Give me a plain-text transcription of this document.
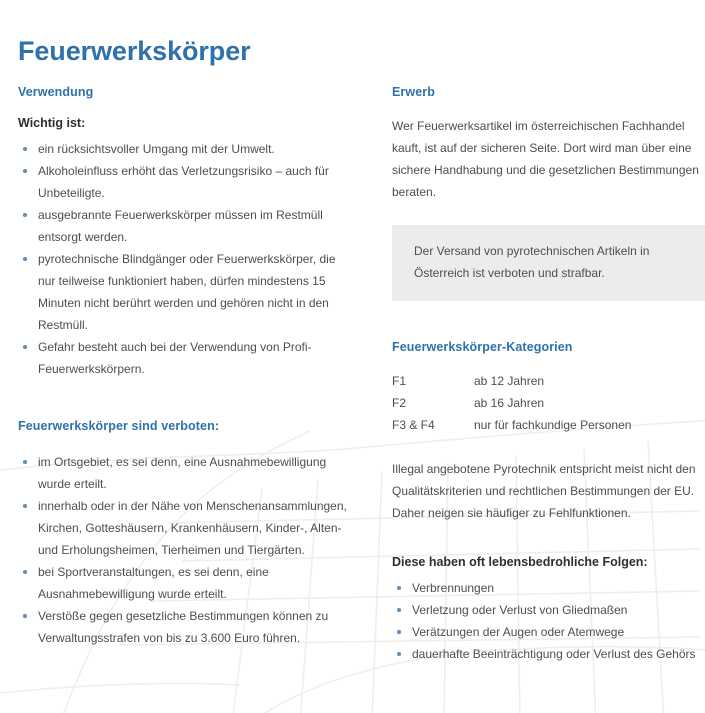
Feuerwerkskörper
Verwendung
Wichtig ist:
ein rücksichtsvoller Umgang mit der Umwelt.
Alkoholeinfluss erhöht das Verletzungsrisiko – auch für Unbeteiligte.
ausgebrannte Feuerwerkskörper müssen im Restmüll entsorgt werden.
pyrotechnische Blindgänger oder Feuerwerkskörper, die nur teilweise funktioniert haben, dürfen mindestens 15 Minuten nicht berührt werden und gehören nicht in den Restmüll.
Gefahr besteht auch bei der Verwendung von Profi-Feuerwerkskörpern.
Feuerwerkskörper sind verboten:
im Ortsgebiet, es sei denn, eine Ausnahmebewilligung wurde erteilt.
innerhalb oder in der Nähe von Menschenansammlungen, Kirchen, Gotteshäusern, Krankenhäusern, Kinder-, Alten- und Erholungsheimen, Tierheimen und Tiergärten.
bei Sportveranstaltungen, es sei denn, eine Ausnahmebewilligung wurde erteilt.
Verstöße gegen gesetzliche Bestimmungen können zu Verwaltungsstrafen von bis zu 3.600 Euro führen.
Erwerb

Wer Feuerwerksartikel im österreichischen Fachhandel kauft, ist auf der sicheren Seite. Dort wird man über eine sichere Handhabung und die gesetzlichen Bestimmungen beraten.

Der Versand von pyrotechnischen Artikeln in Österreich ist verboten und strafbar.

Feuerwerkskörper-Kategorien
F1	ab 12 Jahren
F2	ab 16 Jahren
F3 & F4	nur für fachkundige Personen

Illegal angebotene Pyrotechnik entspricht meist nicht den Qualitätskriterien und rechtlichen Bestimmungen der EU. Daher neigen sie häufiger zu Fehlfunktionen.

Diese haben oft lebensbedrohliche Folgen:
Verbrennungen
Verletzung oder Verlust von Gliedmaßen
Verätzungen der Augen oder Atemwege
dauerhafte Beeinträchtigung oder Verlust des Gehörs
